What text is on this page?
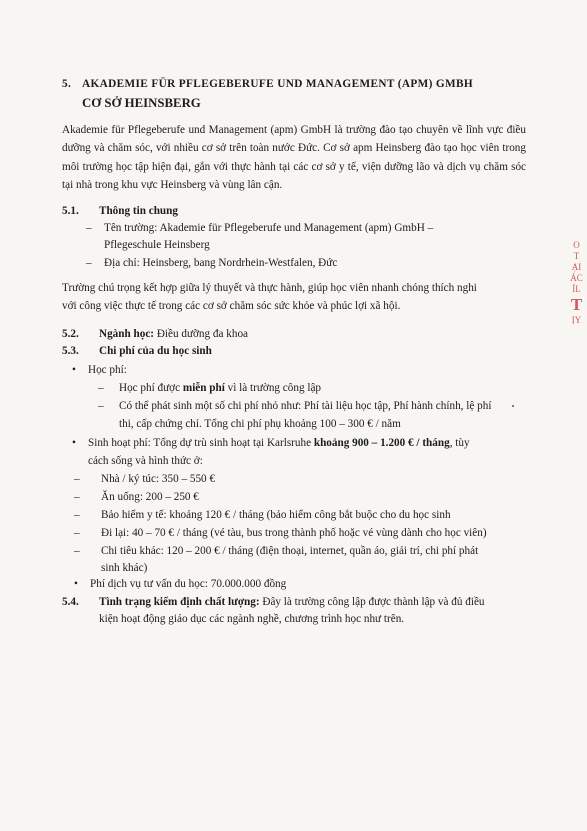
5. AKADEMIE FÜR PFLEGEBERUFE UND MANAGEMENT (APM) GMBH
CƠ SỞ HEINSBERG
Akademie für Pflegeberufe und Management (apm) GmbH là trường đào tạo chuyên về lĩnh vực điều dưỡng và chăm sóc, với nhiều cơ sở trên toàn nước Đức. Cơ sở apm Heinsberg đào tạo học viên trong môi trường học tập hiện đại, gắn với thực hành tại các cơ sở y tế, viện dưỡng lão và dịch vụ chăm sóc tại nhà trong khu vực Heinsberg và vùng lân cận.
5.1. Thông tin chung
– Tên trường: Akademie für Pflegeberufe und Management (apm) GmbH –
Pflegeschule Heinsberg
– Địa chỉ: Heinsberg, bang Nordrhein-Westfalen, Đức
Trường chú trọng kết hợp giữa lý thuyết và thực hành, giúp học viên nhanh chóng thích nghi
với công việc thực tế trong các cơ sở chăm sóc sức khỏe và phúc lợi xã hội.
5.2. Ngành học: Điều dưỡng đa khoa
5.3. Chi phí của du học sinh
• Học phí:
– Học phí được miễn phí vì là trường công lập
– Có thể phát sinh một số chi phí nhỏ như: Phí tài liệu học tập, Phí hành chính, lệ phí
thi, cấp chứng chỉ. Tổng chi phí phụ khoảng 100 – 300 € / năm
• Sinh hoạt phí: Tổng dự trù sinh hoạt tại Karlsruhe khoảng 900 – 1.200 € / tháng, tùy
cách sống và hình thức ở:
– Nhà / ký túc: 350 – 550 €
– Ăn uống: 200 – 250 €
– Bảo hiểm y tế: khoảng 120 € / tháng (bảo hiểm công bắt buộc cho du học sinh
– Đi lại: 40 – 70 € / tháng (vé tàu, bus trong thành phố hoặc vé vùng dành cho học viên)
– Chi tiêu khác: 120 – 200 € / tháng (điện thoại, internet, quần áo, giải trí, chi phí phát
sinh khác)
• Phí dịch vụ tư vấn du học: 70.000.000 đồng
5.4. Tình trạng kiểm định chất lượng: Đây là trường công lập được thành lập và đủ điều
kiện hoạt động giáo dục các ngành nghề, chương trình học như trên.
O
T
ẠI
ÁC
ÍL
T
ỊY
